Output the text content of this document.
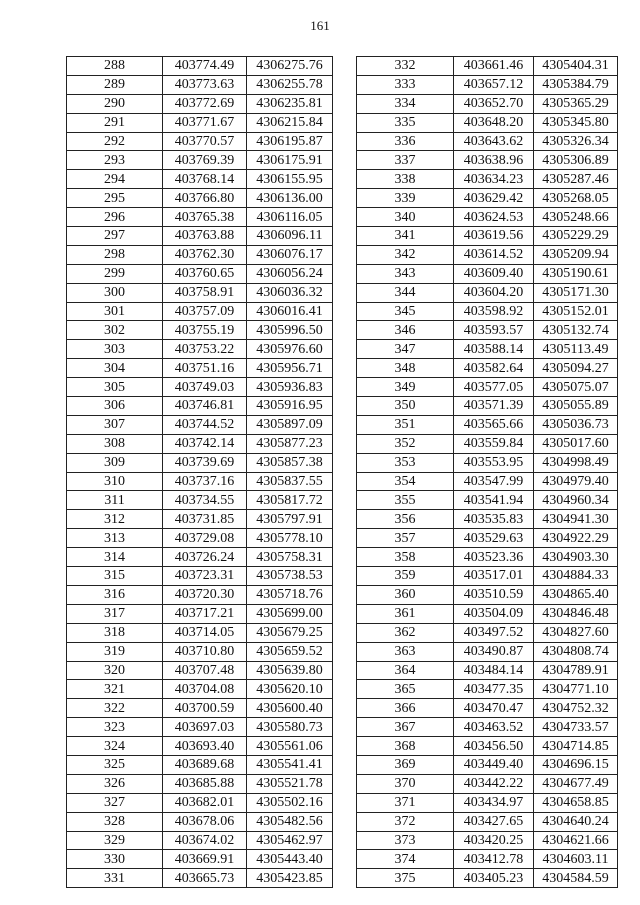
161
288	403774.49	4306275.76
289	403773.63	4306255.78
290	403772.69	4306235.81
291	403771.67	4306215.84
292	403770.57	4306195.87
293	403769.39	4306175.91
294	403768.14	4306155.95
295	403766.80	4306136.00
296	403765.38	4306116.05
297	403763.88	4306096.11
298	403762.30	4306076.17
299	403760.65	4306056.24
300	403758.91	4306036.32
301	403757.09	4306016.41
302	403755.19	4305996.50
303	403753.22	4305976.60
304	403751.16	4305956.71
305	403749.03	4305936.83
306	403746.81	4305916.95
307	403744.52	4305897.09
308	403742.14	4305877.23
309	403739.69	4305857.38
310	403737.16	4305837.55
311	403734.55	4305817.72
312	403731.85	4305797.91
313	403729.08	4305778.10
314	403726.24	4305758.31
315	403723.31	4305738.53
316	403720.30	4305718.76
317	403717.21	4305699.00
318	403714.05	4305679.25
319	403710.80	4305659.52
320	403707.48	4305639.80
321	403704.08	4305620.10
322	403700.59	4305600.40
323	403697.03	4305580.73
324	403693.40	4305561.06
325	403689.68	4305541.41
326	403685.88	4305521.78
327	403682.01	4305502.16
328	403678.06	4305482.56
329	403674.02	4305462.97
330	403669.91	4305443.40
331	403665.73	4305423.85
332	403661.46	4305404.31
333	403657.12	4305384.79
334	403652.70	4305365.29
335	403648.20	4305345.80
336	403643.62	4305326.34
337	403638.96	4305306.89
338	403634.23	4305287.46
339	403629.42	4305268.05
340	403624.53	4305248.66
341	403619.56	4305229.29
342	403614.52	4305209.94
343	403609.40	4305190.61
344	403604.20	4305171.30
345	403598.92	4305152.01
346	403593.57	4305132.74
347	403588.14	4305113.49
348	403582.64	4305094.27
349	403577.05	4305075.07
350	403571.39	4305055.89
351	403565.66	4305036.73
352	403559.84	4305017.60
353	403553.95	4304998.49
354	403547.99	4304979.40
355	403541.94	4304960.34
356	403535.83	4304941.30
357	403529.63	4304922.29
358	403523.36	4304903.30
359	403517.01	4304884.33
360	403510.59	4304865.40
361	403504.09	4304846.48
362	403497.52	4304827.60
363	403490.87	4304808.74
364	403484.14	4304789.91
365	403477.35	4304771.10
366	403470.47	4304752.32
367	403463.52	4304733.57
368	403456.50	4304714.85
369	403449.40	4304696.15
370	403442.22	4304677.49
371	403434.97	4304658.85
372	403427.65	4304640.24
373	403420.25	4304621.66
374	403412.78	4304603.11
375	403405.23	4304584.59
